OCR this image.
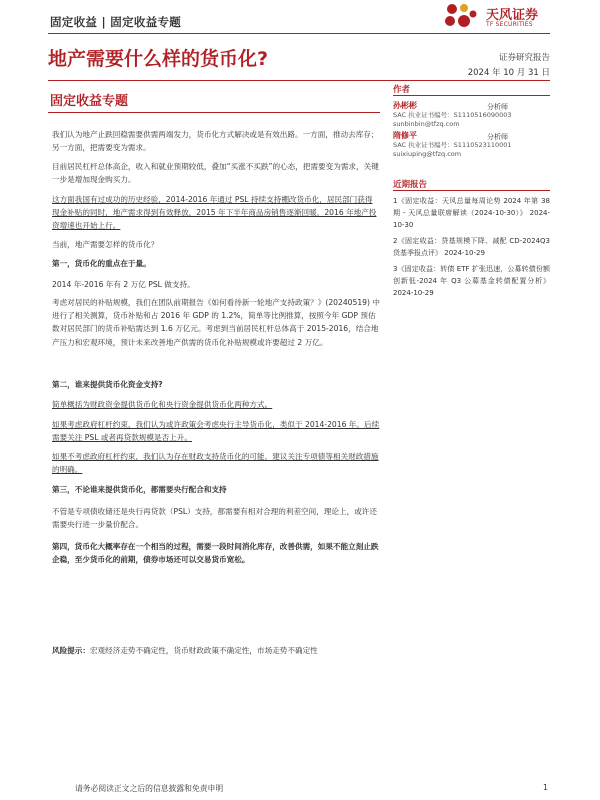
固定收益 | 固定收益专题	天风证券
TF SECURITIES
地产需要什么样的货币化?	证券研究报告
2024 年 10 月 31 日
固定收益专题
我们认为地产止跌回稳需要供需两端发力，货币化方式解决或是有效出路。一方面，推动去库存；另一方面，把需要变为需求。
目前居民杠杆总体高企，收入和就业预期较低，叠加“买涨不买跌”的心态，把需要变为需求，关键一步是增加现金购买力。
这方面我国有过成功的历史经验，2014-2016 年通过 PSL 持续支持棚改货币化，居民部门获得现金补贴的同时，地产需求得到有效释放，2015 年下半年商品房销售逐渐回暖，2016 年地产投资增速也开始上行。
当前，地产需要怎样的货币化？
第一，货币化的重点在于量。
2014 年-2016 年有 2 万亿 PSL 做支持。
考虑对居民的补贴规模，我们在团队前期报告《如何看待新一轮地产支持政策？》(20240519) 中进行了相关测算，货币补贴和占 2016 年 GDP 的 1.2%，简单等比例推算，按照今年 GDP 预估数对居民部门的货币补贴需达到 1.6 万亿元。考虑到当前居民杠杆总体高于 2015-2016，结合地产压力和宏观环境，预计未来改善地产供需的货币化补贴规模或许要超过 2 万亿。
第二，谁来提供货币化资金支持?
简单概括为财政资金提供货币化和央行资金提供货币化两种方式。
如果考虑政府杠杆约束，我们认为或许政策会考虑央行主导货币化，类似于 2014-2016 年。后续需要关注 PSL 或者再贷款规模是否上升。
如果不考虑政府杠杆约束，我们认为存在财政支持货币化的可能，建议关注专项债等相关财政措施的明确。
第三，不论谁来提供货币化，都需要央行配合和支持
不管是专项债收储还是央行再贷款（PSL）支持，都需要有相对合理的利差空间，理论上，或许还需要央行进一步量价配合。
第四，货币化大概率存在一个相当的过程，需要一段时间消化库存，改善供需，如果不能立刻止跌企稳，至少货币化的前期，债券市场还可以交易货币宽松。
风险提示：宏观经济走势不确定性，货币财政政策不确定性，市场走势不确定性
作者
孙彬彬	分析师
SAC 执业证书编号：S1110516090003
sunbinbin@tfzq.com
隋修平	分析师
SAC 执业证书编号：S1110523110001
suixiuping@tfzq.com
近期报告

1《固定收益：天风总量每周论势 2024 年第 38 期 - 天风总量联席解读（2024-10-30）》 2024-10-30

2《固定收益：贷基规模下降、减配 CD-2024Q3 货基季报点评》 2024-10-29

3《固定收益：转债 ETF 扩张迅速，公募转债份额创新低-2024 年 Q3 公募基金转债配置分析》 2024-10-29

请务必阅读正文之后的信息披露和免责申明	1
